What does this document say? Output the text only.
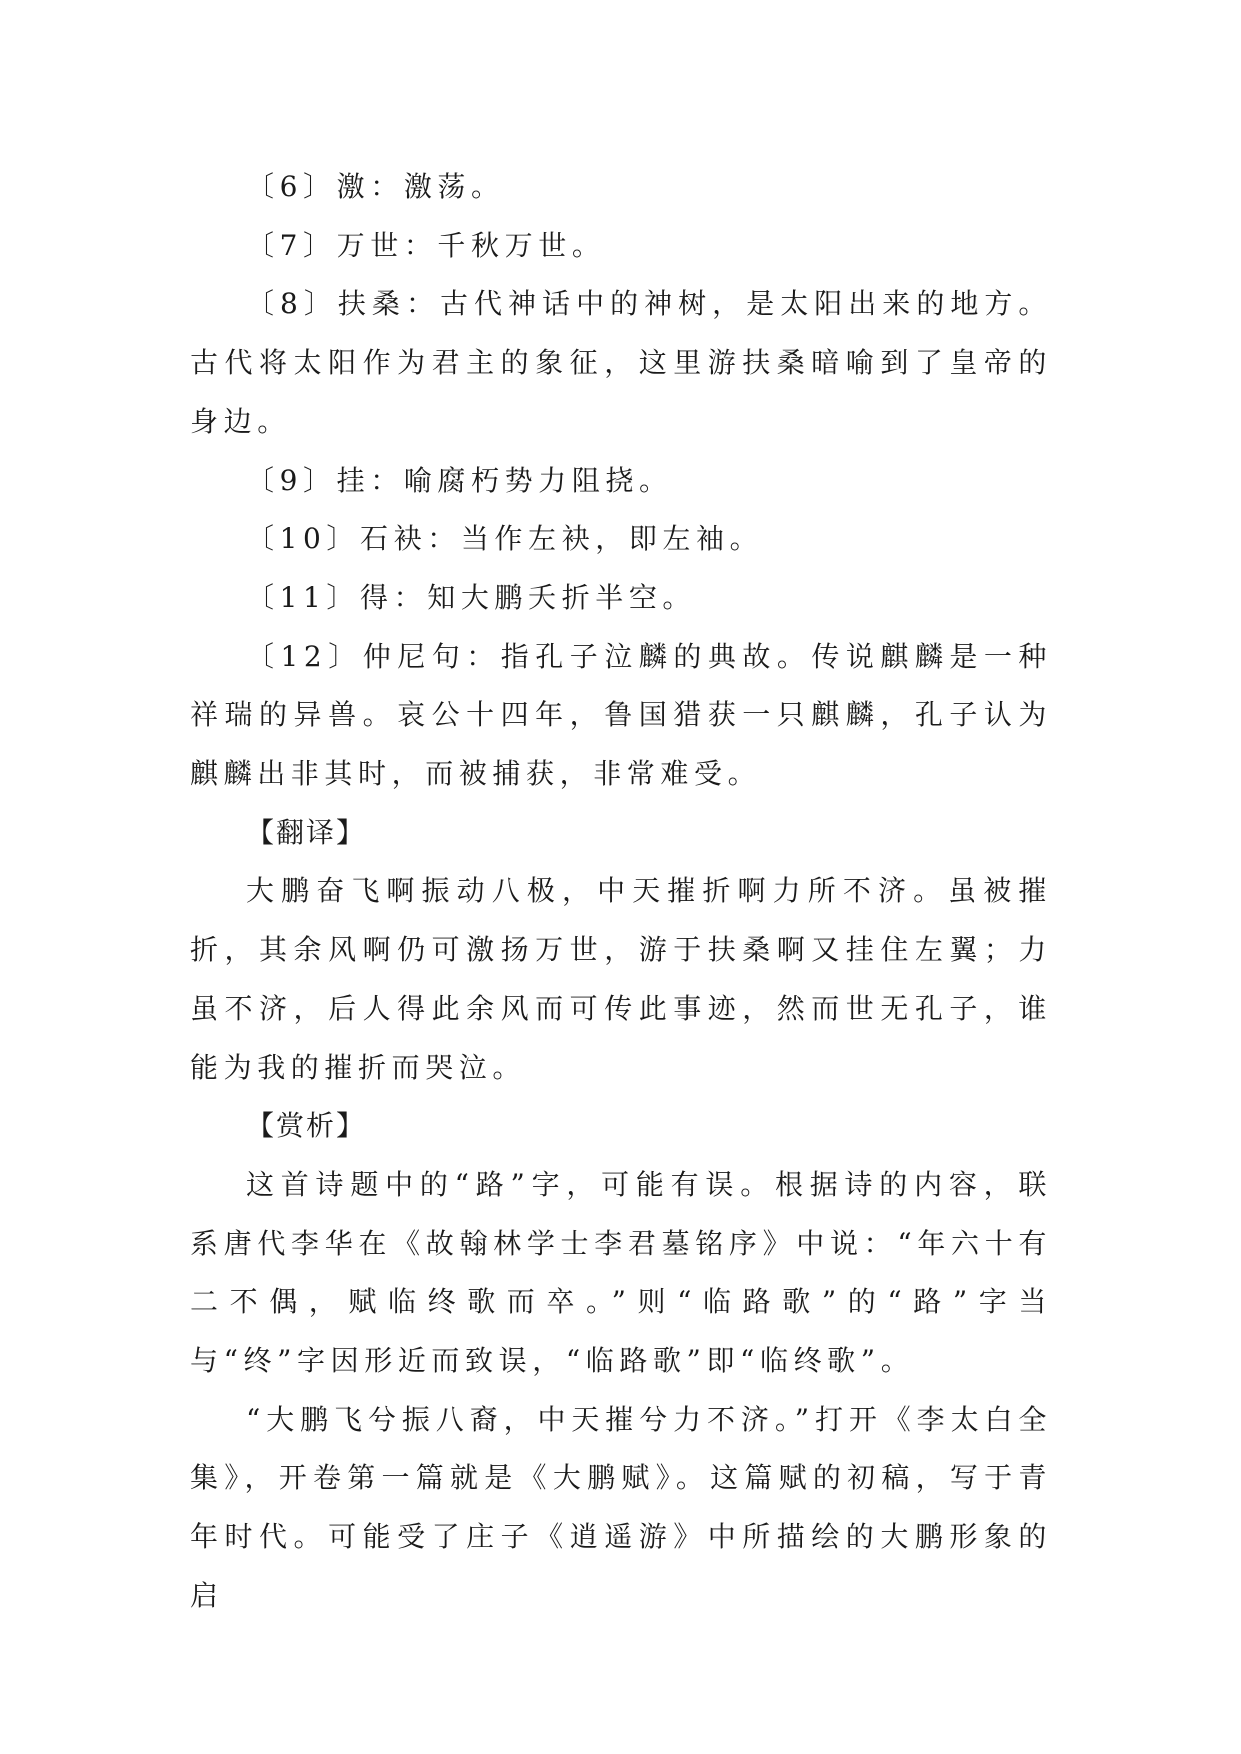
〔6〕激：激荡。

〔7〕万世：千秋万世。

〔8〕扶桑：古代神话中的神树，是太阳出来的地方。古代将太阳作为君主的象征，这里游扶桑暗喻到了皇帝的身边。

〔9〕挂：喻腐朽势力阻挠。

〔10〕石袂：当作左袂，即左袖。

〔11〕得：知大鹏夭折半空。

〔12〕仲尼句：指孔子泣麟的典故。传说麒麟是一种祥瑞的异兽。哀公十四年，鲁国猎获一只麒麟，孔子认为麒麟出非其时，而被捕获，非常难受。

【翻译】

大鹏奋飞啊振动八极，中天摧折啊力所不济。虽被摧折，其余风啊仍可激扬万世，游于扶桑啊又挂住左翼；力虽不济，后人得此余风而可传此事迹，然而世无孔子，谁能为我的摧折而哭泣。

【赏析】

这首诗题中的“路”字，可能有误。根据诗的内容，联系唐代李华在《故翰林学士李君墓铭序》中说：“年六十有二不偶，赋临终歌而卒。”则“临路歌”的“路”字当与“终”字因形近而致误，“临路歌”即“临终歌”。

“大鹏飞兮振八裔，中天摧兮力不济。”打开《李太白全集》，开卷第一篇就是《大鹏赋》。这篇赋的初稿，写于青年时代。可能受了庄子《逍遥游》中所描绘的大鹏形象的启
